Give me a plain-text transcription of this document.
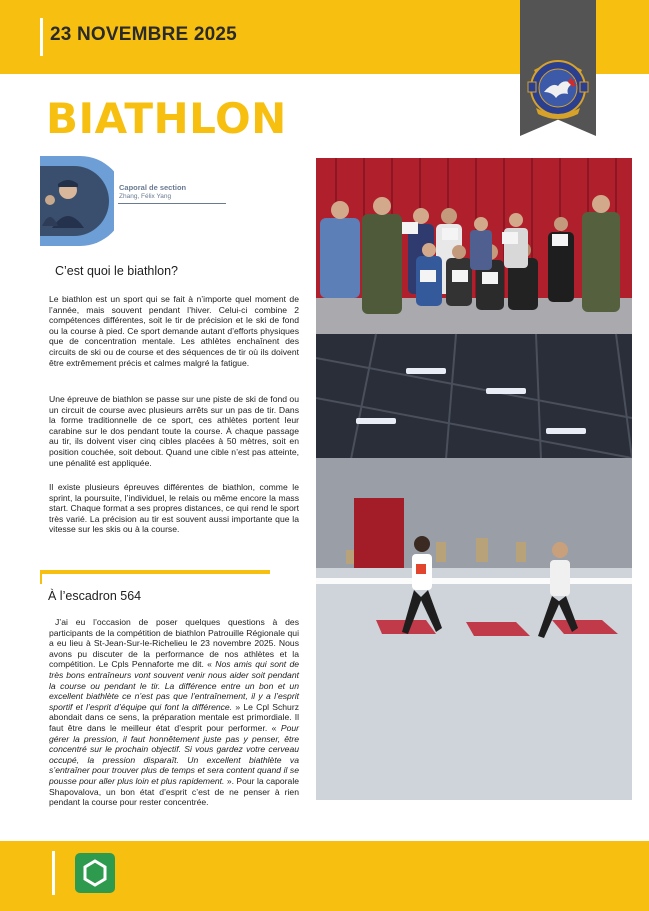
23 NOVEMBRE 2025
BIATHLON
Caporal de section
Zhang, Félix Yang
C’est quoi le biathlon?

Le biathlon est un sport qui se fait à n’importe quel moment de l’année, mais souvent pendant l’hiver. Celui-ci combine 2 compétences différentes, soit le tir de précision et le ski de fond ou la course à pied. Ce sport demande autant d’efforts physiques que de concentration mentale. Les athlètes enchaînent des circuits de ski ou de course et des séquences de tir où ils doivent être extrêmement précis et calmes malgré la fatigue.

Une épreuve de biathlon se passe sur une piste de ski de fond ou un circuit de course avec plusieurs arrêts sur un pas de tir. Dans la forme traditionnelle de ce sport, ces athlètes portent leur carabine sur le dos pendant toute la course. À chaque passage au tir, ils doivent viser cinq cibles placées à 50 mètres, soit en position couchée, soit debout. Quand une cible n’est pas atteinte, une pénalité est appliquée.

Il existe plusieurs épreuves différentes de biathlon, comme le sprint, la poursuite, l’individuel, le relais ou même encore la mass start. Chaque format a ses propres distances, ce qui rend le sport très varié. La précision au tir est souvent aussi importante que la vitesse sur les skis ou à la course.

À l’escadron 564

J’ai eu l’occasion de poser quelques questions à des participants de la compétition de biathlon Patrouille Régionale qui a eu lieu à St-Jean-Sur-le-Richelieu le 23 novembre 2025. Nous avons pu discuter de la performance de nos athlètes et la compétition. Le Cpls Pennaforte me dit. « Nos amis qui sont de très bons entraîneurs vont souvent venir nous aider soit pendant la course ou pendant le tir. La différence entre un bon et un excellent biathlète ce n’est pas que l’entraînement, il y a l’esprit sportif et l’esprit d’équipe qui font la différence. » Le Cpl Schurz abondait dans ce sens, la préparation mentale est primordiale. Il faut être dans le meilleur état d’esprit pour performer. « Pour gérer la pression, il faut honnêtement juste pas y penser, être concentré sur le prochain objectif. Si vous gardez votre cerveau occupé, la pression disparaît. Un excellent biathlète va s’entraîner pour trouver plus de temps et sera content quand il se pousse pour aller plus loin et plus rapidement. ». Pour la caporale Shapovalova, un bon état d’esprit c’est de ne penser à rien pendant la course pour rester concentrée.
